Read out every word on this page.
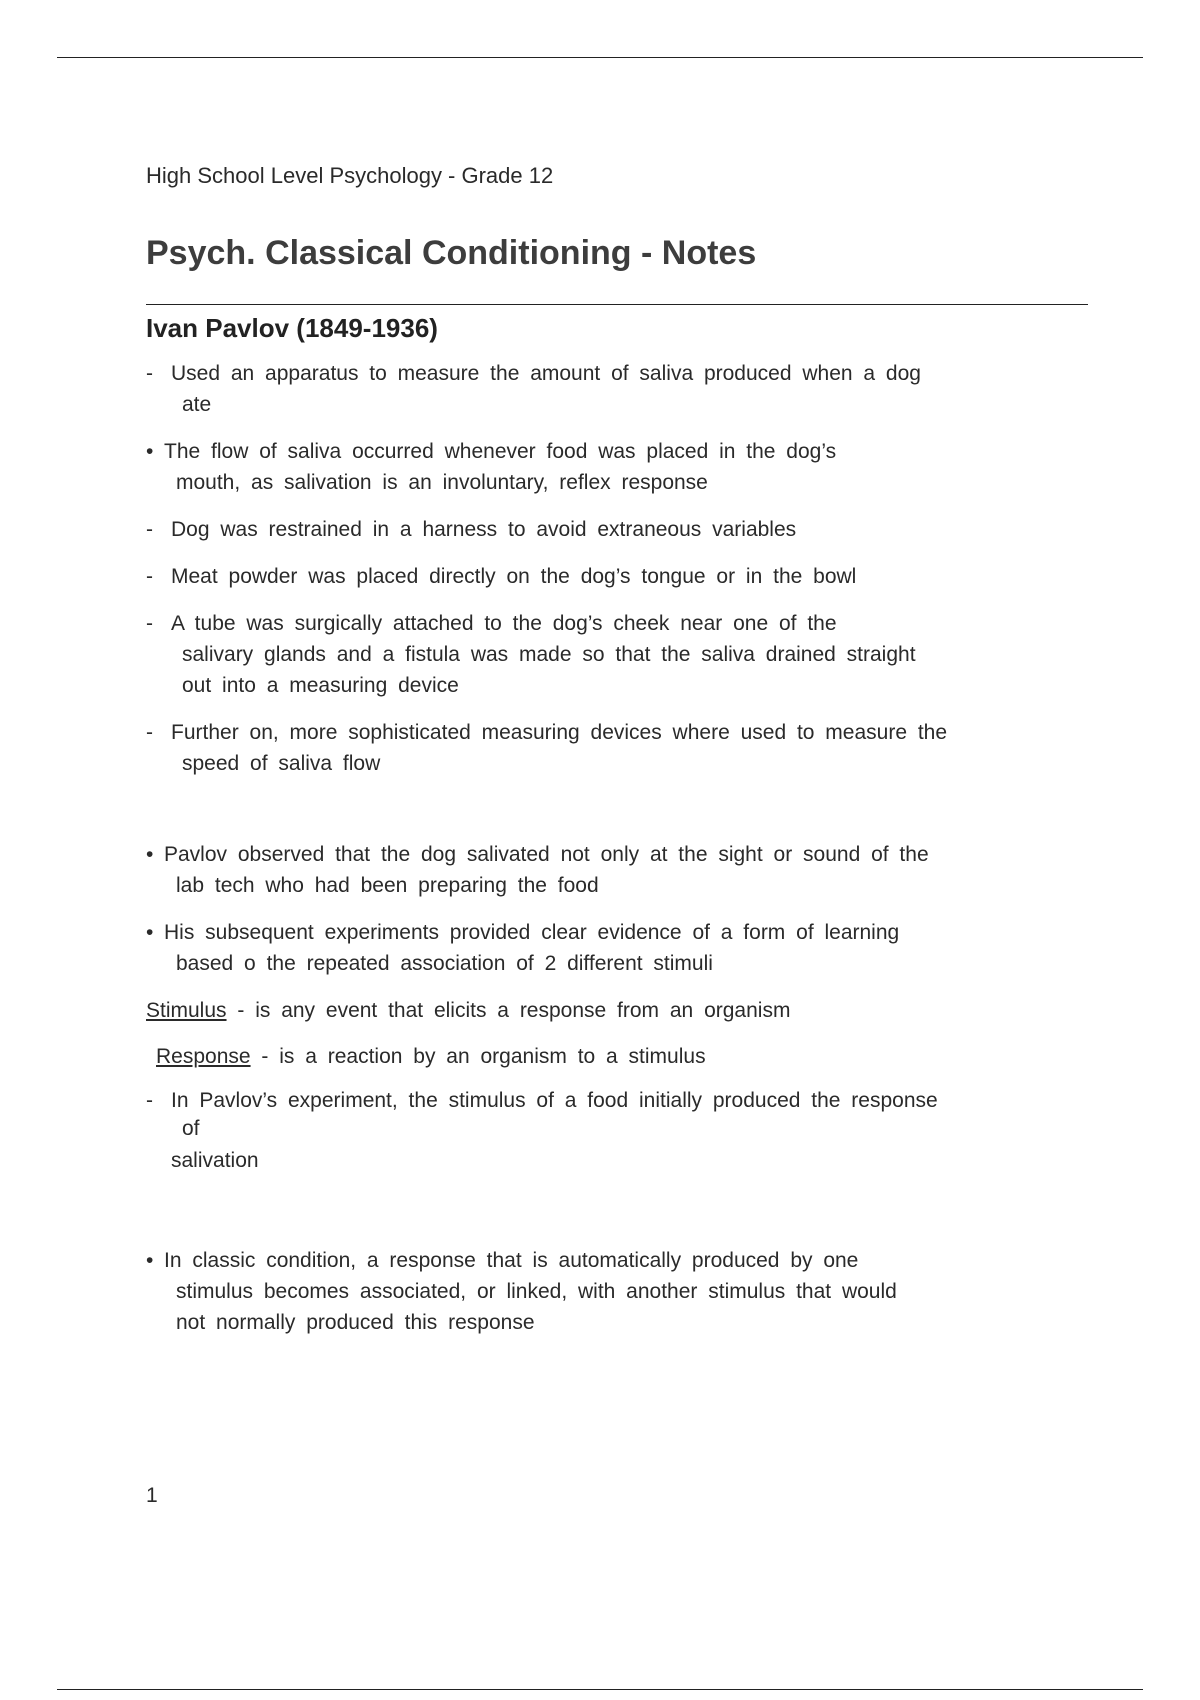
High School Level Psychology - Grade 12

Psych. Classical Conditioning - Notes
Ivan Pavlov (1849-1936)
- Used an apparatus to measure the amount of saliva produced when a dog
ate
• The flow of saliva occurred whenever food was placed in the dog’s

mouth, as salivation is an involuntary, reflex response
- Dog was restrained in a harness to avoid extraneous variables
- Meat powder was placed directly on the dog’s tongue or in the bowl
- A tube was surgically attached to the dog’s cheek near one of the
salivary glands and a fistula was made so that the saliva drained straight
out into a measuring device
- Further on, more sophisticated measuring devices where used to measure the
speed of saliva flow
• Pavlov observed that the dog salivated not only at the sight or sound of the

lab tech who had been preparing the food
• His subsequent experiments provided clear evidence of a form of learning

based o the repeated association of 2 different stimuli

Stimulus - is any event that elicits a response from an organism

Response - is a reaction by an organism to a stimulus

- In Pavlov’s experiment, the stimulus of a food initially produced the response
of
salivation
• In classic condition, a response that is automatically produced by one

stimulus becomes associated, or linked, with another stimulus that would
not normally produced this response
1
